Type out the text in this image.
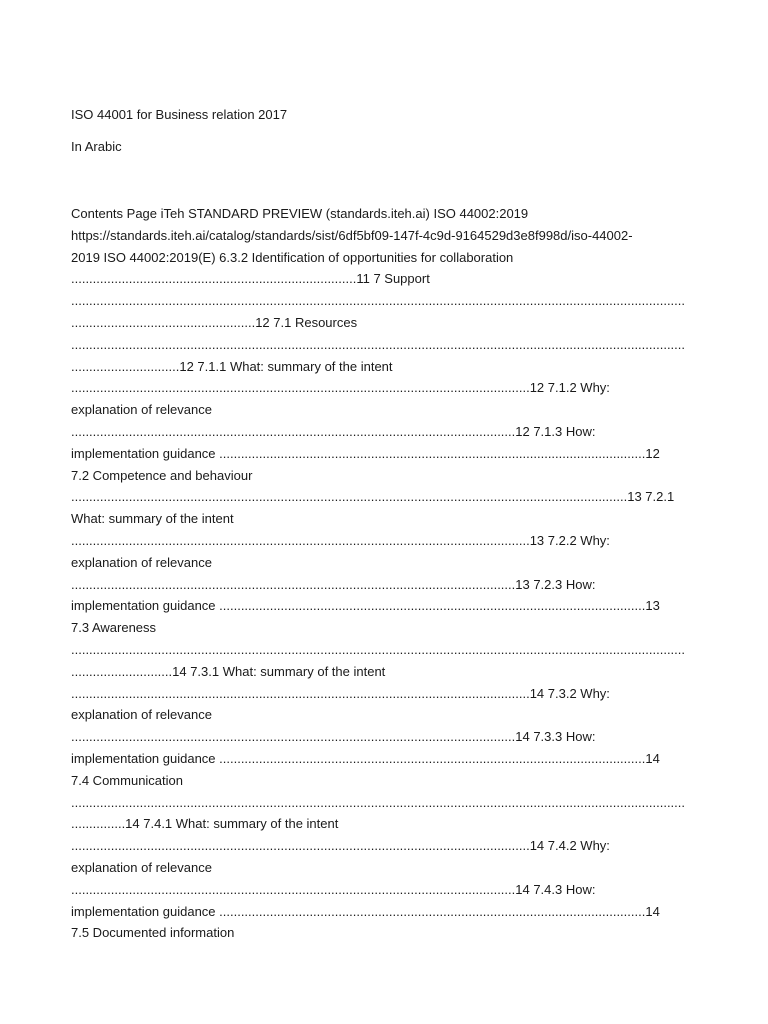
ISO 44001 for Business relation 2017
In Arabic
Contents Page iTeh STANDARD PREVIEW (standards.iteh.ai) ISO 44002:2019
https://standards.iteh.ai/catalog/standards/sist/6df5bf09-147f-4c9d-9164529d3e8f998d/iso-44002-
2019 ISO 44002:2019(E) 6.3.2 Identification of opportunities for collaboration
...............................................................................11 7 Support
..........................................................................................................................................................................
...................................................12 7.1 Resources
..........................................................................................................................................................................
..............................12 7.1.1 What: summary of the intent
...............................................................................................................................12 7.1.2 Why:
explanation of relevance
...........................................................................................................................12 7.1.3 How:
implementation guidance ......................................................................................................................12
7.2 Competence and behaviour
..........................................................................................................................................................13 7.2.1
What: summary of the intent
...............................................................................................................................13 7.2.2 Why:
explanation of relevance
...........................................................................................................................13 7.2.3 How:
implementation guidance ......................................................................................................................13
7.3 Awareness
..........................................................................................................................................................................
............................14 7.3.1 What: summary of the intent
...............................................................................................................................14 7.3.2 Why:
explanation of relevance
...........................................................................................................................14 7.3.3 How:
implementation guidance ......................................................................................................................14
7.4 Communication
..........................................................................................................................................................................
...............14 7.4.1 What: summary of the intent
...............................................................................................................................14 7.4.2 Why:
explanation of relevance
...........................................................................................................................14 7.4.3 How:
implementation guidance ......................................................................................................................14
7.5 Documented information
